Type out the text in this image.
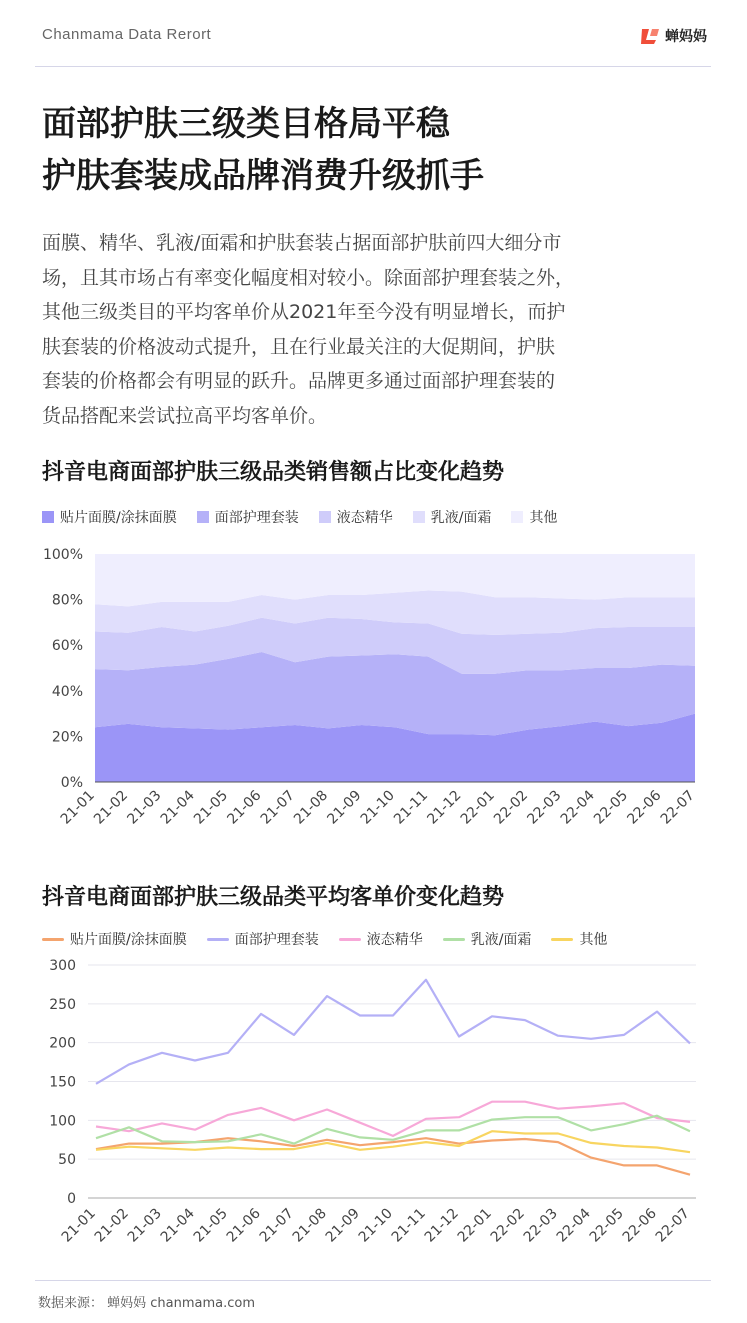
Chanmama Data Rerort	蝉妈妈
面部护肤三级类目格局平稳
护肤套装成品牌消费升级抓手
面膜、精华、乳液/面霜和护肤套装占据面部护肤前四大细分市
场，且其市场占有率变化幅度相对较小。除面部护理套装之外，
其他三级类目的平均客单价从2021年至今没有明显增长，而护
肤套装的价格波动式提升，且在行业最关注的大促期间，护肤
套装的价格都会有明显的跃升。品牌更多通过面部护理套装的
货品搭配来尝试拉高平均客单价。
抖音电商面部护肤三级品类销售额占比变化趋势
贴片面膜/涂抹面膜	面部护理套装	液态精华	乳液/面霜	其他
0%
20%
40%
60%
80%
100%
21-01
21-02
21-03
21-04
21-05
21-06
21-07
21-08
21-09
21-10
21-11
21-12
22-01
22-02
22-03
22-04
22-05
22-06
22-07
抖音电商面部护肤三级品类平均客单价变化趋势
贴片面膜/涂抹面膜	面部护理套装	液态精华	乳液/面霜	其他
0
50
100
150
200
250
300
21-01
21-02
21-03
21-04
21-05
21-06
21-07
21-08
21-09
21-10
21-11
21-12
22-01
22-02
22-03
22-04
22-05
22-06
22-07
数据来源： 蝉妈妈 chanmama.com
